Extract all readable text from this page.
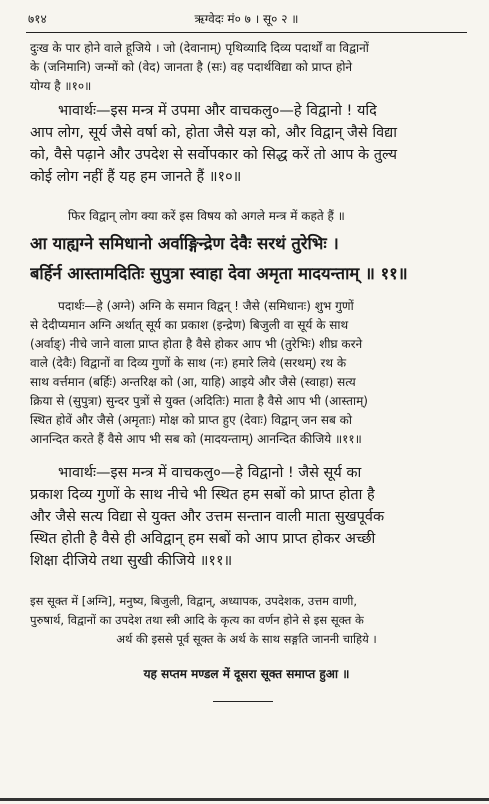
७१४	ऋग्वेदः मं० ७ । सू० २ ॥
दुःख के पार होने वाले हूजिये । जो (देवानाम्) पृथिव्यादि दिव्य पदार्थों वा विद्वानों
के (जनिमानि) जन्मों को (वेद) जानता है (सः) वह पदार्थविद्या को प्राप्त होने
योग्य है ॥१०॥
भावार्थः—इस मन्त्र में उपमा और वाचकलु०—हे विद्वानो ! यदि
आप लोग, सूर्य जैसे वर्षा को, होता जैसे यज्ञ को, और विद्वान् जैसे विद्या
को, वैसे पढ़ाने और उपदेश से सर्वोपकार को सिद्ध करें तो आप के तुल्य
कोई लोग नहीं हैं यह हम जानते हैं ॥१०॥
फिर विद्वान् लोग क्या करें इस विषय को अगले मन्त्र में कहते हैं ॥
आ याह्यग्ने समिधानो अर्वाङ्गिन्द्रेण देवैः सरथं तुरेभिः ।
बर्हिर्न आस्तामदितिः सुपुत्रा स्वाहा देवा अमृता मादयन्ताम् ॥ ११॥
पदार्थः—हे (अग्ने) अग्नि के समान विद्वन् ! जैसे (समिधानः) शुभ गुणों
से देदीप्यमान अग्नि अर्थात् सूर्य का प्रकाश (इन्द्रेण) बिजुली वा सूर्य के साथ
(अर्वाङ्) नीचे जाने वाला प्राप्त होता है वैसे होकर आप भी (तुरेभिः) शीघ्र करने
वाले (देवैः) विद्वानों वा दिव्य गुणों के साथ (नः) हमारे लिये (सरथम्) रथ के
साथ वर्त्तमान (बर्हिः) अन्तरिक्ष को (आ, याहि) आइये और जैसे (स्वाहा) सत्य
क्रिया से (सुपुत्रा) सुन्दर पुत्रों से युक्त (अदितिः) माता है वैसे आप भी (आस्ताम्)
स्थित होवें और जैसे (अमृताः) मोक्ष को प्राप्त हुए (देवाः) विद्वान् जन सब को
आनन्दित करते हैं वैसे आप भी सब को (मादयन्ताम्) आनन्दित कीजिये ॥११॥
भावार्थः—इस मन्त्र में वाचकलु०—हे विद्वानो ! जैसे सूर्य का
प्रकाश दिव्य गुणों के साथ नीचे भी स्थित हम सबों को प्राप्त होता है
और जैसे सत्य विद्या से युक्त और उत्तम सन्तान वाली माता सुखपूर्वक
स्थित होती है वैसे ही अविद्वान् हम सबों को आप प्राप्त होकर अच्छी
शिक्षा दीजिये तथा सुखी कीजिये ॥११॥
इस सूक्त में [अग्नि], मनुष्य, बिजुली, विद्वान्, अध्यापक, उपदेशक, उत्तम वाणी,
पुरुषार्थ, विद्वानों का उपदेश तथा स्त्री आदि के कृत्य का वर्णन होने से इस सूक्त के
अर्थ की इससे पूर्व सूक्त के अर्थ के साथ सङ्गति जाननी चाहिये ।
यह सप्तम मण्डल में दूसरा सूक्त समाप्त हुआ ॥
